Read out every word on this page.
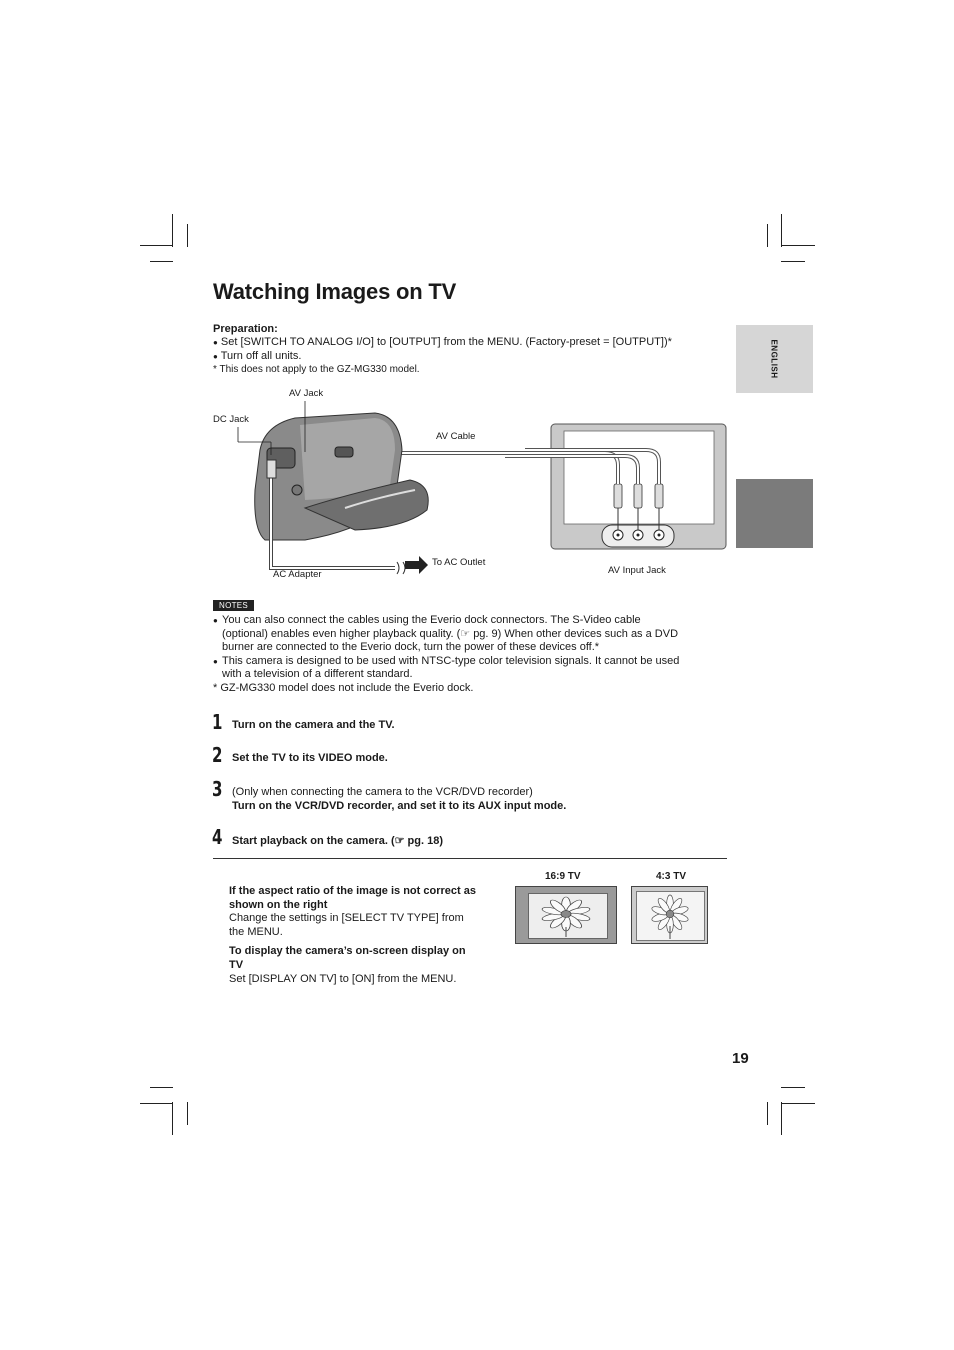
ENGLISH
Watching Images on TV
Preparation:
● Set [SWITCH TO ANALOG I/O] to [OUTPUT] from the MENU. (Factory-preset = [OUTPUT])*
● Turn off all units.
* This does not apply to the GZ-MG330 model.
AV Jack
DC Jack
AV Cable
To AC Outlet
AC Adapter	AV Input Jack
NOTES
● You can also connect the cables using the Everio dock connectors. The S-Video cable
(optional) enables even higher playback quality. (☞ pg. 9) When other devices such as a DVD
burner are connected to the Everio dock, turn the power of these devices off.*
● This camera is designed to be used with NTSC-type color television signals. It cannot be used
with a television of a different standard.
* GZ-MG330 model does not include the Everio dock.
1 Turn on the camera and the TV.
2 Set the TV to its VIDEO mode.
3 (Only when connecting the camera to the VCR/DVD recorder)
Turn on the VCR/DVD recorder, and set it to its AUX input mode.
4 Start playback on the camera. (☞ pg. 18)
If the aspect ratio of the image is not correct as
shown on the right
Change the settings in [SELECT TV TYPE] from
the MENU.
To display the camera’s on-screen display on
TV
Set [DISPLAY ON TV] to [ON] from the MENU.
16:9 TV	4:3 TV
19
